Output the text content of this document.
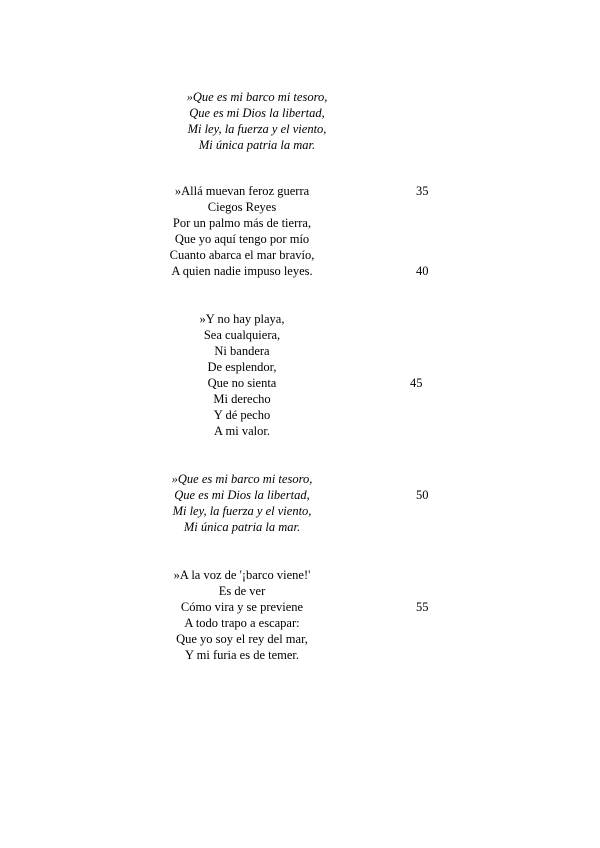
»Que es mi barco mi tesoro,
Que es mi Dios la libertad,
Mi ley, la fuerza y el viento,
Mi única patria la mar.
»Allá muevan feroz guerra	35
Ciegos Reyes
Por un palmo más de tierra,
Que yo aquí tengo por mío
Cuanto abarca el mar bravío,
A quien nadie impuso leyes.	40
»Y no hay playa,
Sea cualquiera,
Ni bandera
De esplendor,
Que no sienta	45
Mi derecho
Y dé pecho
A mi valor.
»Que es mi barco mi tesoro,
Que es mi Dios la libertad,	50
Mi ley, la fuerza y el viento,
Mi única patria la mar.
»A la voz de '¡barco viene!'
Es de ver
Cómo vira y se previene	55
A todo trapo a escapar:
Que yo soy el rey del mar,
Y mi furia es de temer.
